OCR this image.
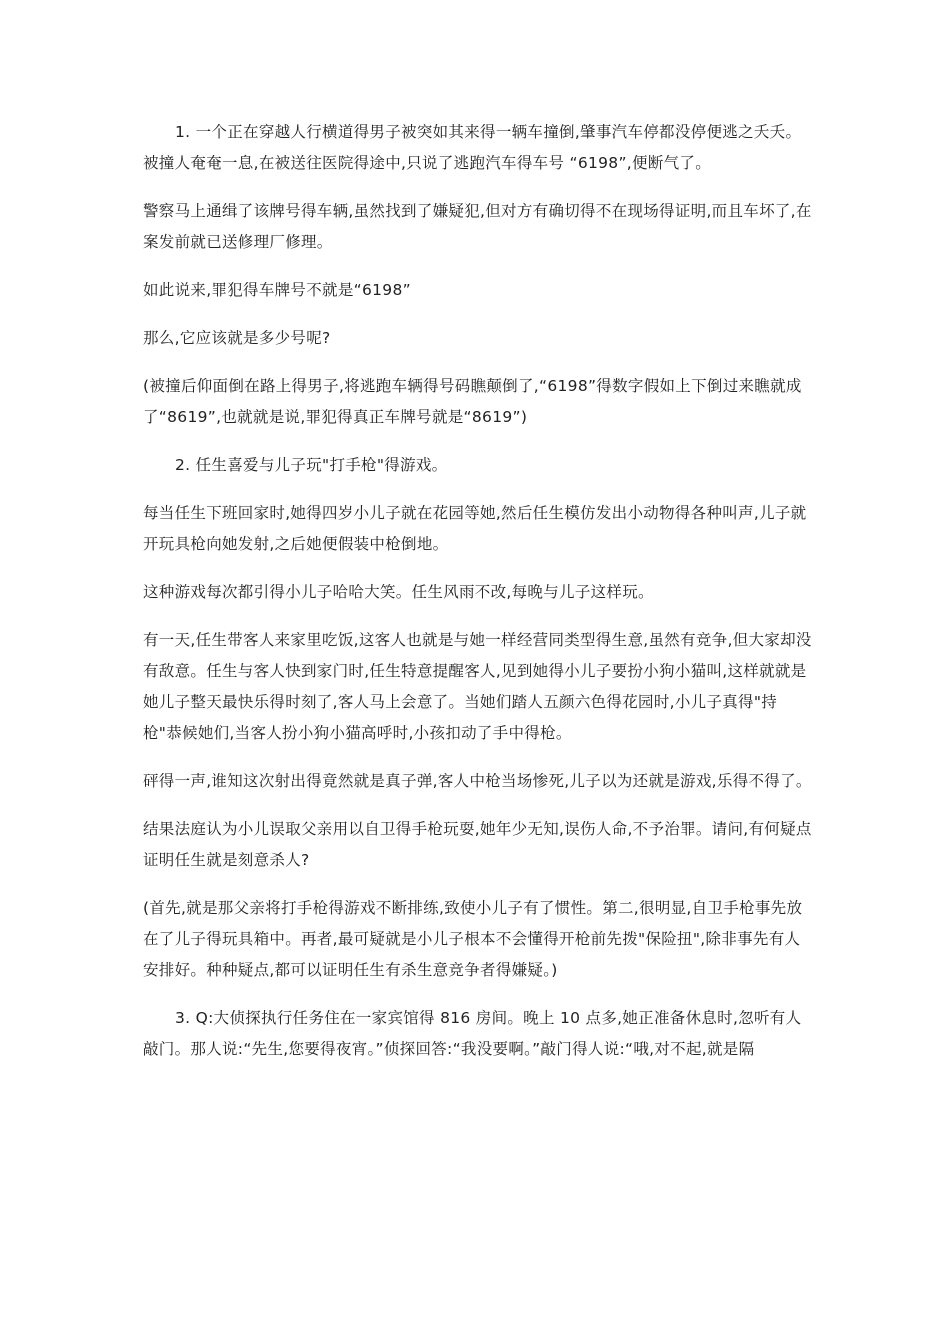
1. 一个正在穿越人行横道得男子被突如其来得一辆车撞倒,肇事汽车停都没停便逃之夭夭。被撞人奄奄一息,在被送往医院得途中,只说了逃跑汽车得车号 “6198”,便断气了。

警察马上通缉了该牌号得车辆,虽然找到了嫌疑犯,但对方有确切得不在现场得证明,而且车坏了,在案发前就已送修理厂修理。

如此说来,罪犯得车牌号不就是“6198”

那么,它应该就是多少号呢?

(被撞后仰面倒在路上得男子,将逃跑车辆得号码瞧颠倒了,“6198”得数字假如上下倒过来瞧就成了“8619”,也就就是说,罪犯得真正车牌号就是“8619”)

2. 任生喜爱与儿子玩"打手枪"得游戏。

每当任生下班回家时,她得四岁小儿子就在花园等她,然后任生模仿发出小动物得各种叫声,儿子就开玩具枪向她发射,之后她便假装中枪倒地。

这种游戏每次都引得小儿子哈哈大笑。任生风雨不改,每晚与儿子这样玩。

有一天,任生带客人来家里吃饭,这客人也就是与她一样经营同类型得生意,虽然有竞争,但大家却没有敌意。任生与客人快到家门时,任生特意提醒客人,见到她得小儿子要扮小狗小猫叫,这样就就是她儿子整天最快乐得时刻了,客人马上会意了。当她们踏人五颜六色得花园时,小儿子真得"持枪"恭候她们,当客人扮小狗小猫高呼时,小孩扣动了手中得枪。

砰得一声,谁知这次射出得竟然就是真子弹,客人中枪当场惨死,儿子以为还就是游戏,乐得不得了。

结果法庭认为小儿误取父亲用以自卫得手枪玩耍,她年少无知,误伤人命,不予治罪。请问,有何疑点证明任生就是刻意杀人?

(首先,就是那父亲将打手枪得游戏不断排练,致使小儿子有了惯性。第二,很明显,自卫手枪事先放在了儿子得玩具箱中。再者,最可疑就是小儿子根本不会懂得开枪前先拨"保险扭",除非事先有人安排好。种种疑点,都可以证明任生有杀生意竞争者得嫌疑。)

3. Q:大侦探执行任务住在一家宾馆得 816 房间。晚上 10 点多,她正准备休息时,忽听有人敲门。那人说:“先生,您要得夜宵。”侦探回答:“我没要啊。”敲门得人说:“哦,对不起,就是隔
